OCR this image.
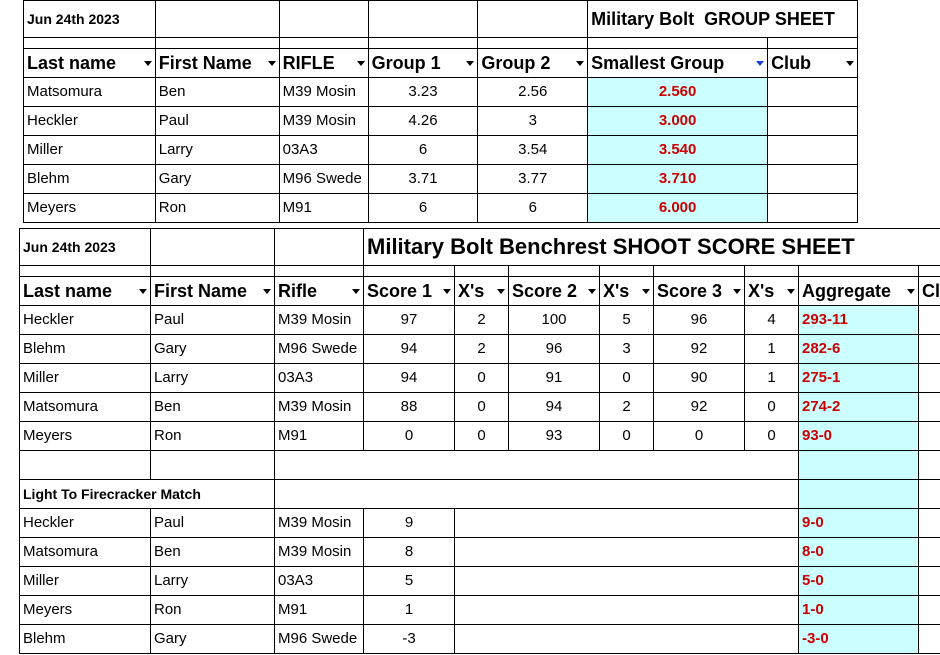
Jun 24th 2023					Military Bolt  GROUP SHEET	

Last name	First Name	RIFLE	Group 1	Group 2	Smallest Group	Club

Matsomura	Ben	M39 Mosin	3.23	2.56	2.560	
Heckler	Paul	M39 Mosin	4.26	3	3.000	
Miller	Larry	03A3	6	3.54	3.540	
Blehm	Gary	M96 Swede	3.71	3.77	3.710	
Meyers	Ron	M91	6	6	6.000	
Jun 24th 2023			Military Bolt Benchrest SHOOT SCORE SHEET							

Last name	First Name	Rifle	Score 1	X's	Score 2	X's	Score 3	X's	Aggregate	Cl
Heckler	Paul	M39 Mosin	97	2	100	5	96	4	293-11	
Blehm	Gary	M96 Swede	94	2	96	3	92	1	282-6	
Miller	Larry	03A3	94	0	91	0	90	1	275-1	
Matsomura	Ben	M39 Mosin	88	0	94	2	92	0	274-2	
Meyers	Ron	M91	0	0	93	0	0	0	93-0	

Light To Firecracker Match										
Heckler	Paul	M39 Mosin	9						9-0	
Matsomura	Ben	M39 Mosin	8						8-0	
Miller	Larry	03A3	5						5-0	
Meyers	Ron	M91	1						1-0	
Blehm	Gary	M96 Swede	-3						-3-0	
